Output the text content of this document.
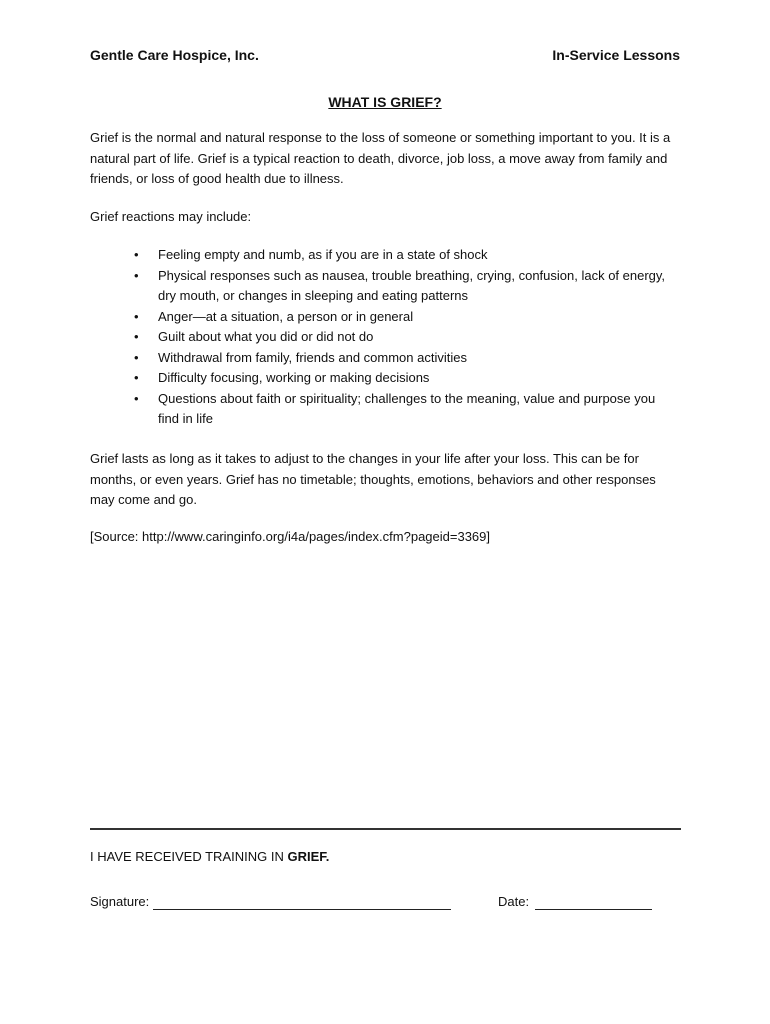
Gentle Care Hospice, Inc.	In-Service Lessons
WHAT IS GRIEF?
Grief is the normal and natural response to the loss of someone or something important to you. It is a natural part of life. Grief is a typical reaction to death, divorce, job loss, a move away from family and friends, or loss of good health due to illness.
Grief reactions may include:
• Feeling empty and numb, as if you are in a state of shock
• Physical responses such as nausea, trouble breathing, crying, confusion, lack of energy, dry mouth, or changes in sleeping and eating patterns
• Anger—at a situation, a person or in general
• Guilt about what you did or did not do
• Withdrawal from family, friends and common activities
• Difficulty focusing, working or making decisions
• Questions about faith or spirituality; challenges to the meaning, value and purpose you find in life
Grief lasts as long as it takes to adjust to the changes in your life after your loss. This can be for months, or even years. Grief has no timetable; thoughts, emotions, behaviors and other responses may come and go.
[Source: http://www.caringinfo.org/i4a/pages/index.cfm?pageid=3369]
I HAVE RECEIVED TRAINING IN GRIEF.
Signature:	Date:
